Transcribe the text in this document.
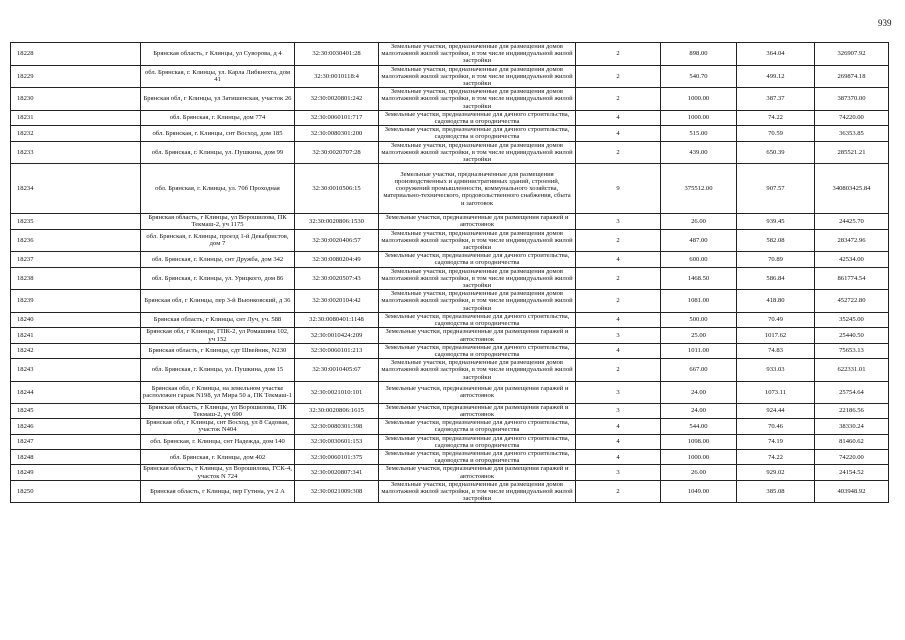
939
18228	Брянская область, г Клинцы, ул Суворова, д 4	32:30:0030401:28	Земельные участки, предназначенные для размещения домов малоэтажной жилой застройки, в том числе индивидуальной жилой застройки	2	898.00	364.04	326907.92
18229	обл. Брянская, г. Клинцы, ул. Карла Либкнехта, дом 41	32:30:0010118:4	Земельные участки, предназначенные для размещения домов малоэтажной жилой застройки, в том числе индивидуальной жилой застройки	2	540.70	499.12	269874.18
18230	Брянская обл, г Клинцы, ул Затишенская, участок 26	32:30:0020801:242	Земельные участки, предназначенные для размещения домов малоэтажной жилой застройки, в том числе индивидуальной жилой застройки	2	1000.00	387.37	387370.00
18231	обл. Брянская, г. Клинцы, дом 774	32:30:0060101:717	Земельные участки, предназначенные для дачного строительства, садоводства и огородничества	4	1000.00	74.22	74220.00
18232	обл. Брянская, г. Клинцы, снт Восход, дом 185	32:30:0080301:200	Земельные участки, предназначенные для дачного строительства, садоводства и огородничества	4	515.00	70.59	36353.85
18233	обл. Брянская, г. Клинцы, ул. Пушкина, дом 99	32:30:0020707:28	Земельные участки, предназначенные для размещения домов малоэтажной жилой застройки, в том числе индивидуальной жилой застройки	2	439.00	650.39	285521.21
18234	обл. Брянская, г. Клинцы, ул. 70б Проходная	32:30:0010506:15	Земельные участки, предназначенные для размещения производственных и административных зданий, строений, сооружений промышленности, коммунального хозяйства, материально-технического, продовольственного снабжения, сбыта и заготовок	9	375512.00	907.57	340803425.84
18235	Брянская область, г Клинцы, ул Ворошилова, ПК Текмаш-2, уч 1175	32:30:0020806:1530	Земельные участки, предназначенные для размещения гаражей и автостоянок	3	26.00	939.45	24425.70
18236	обл. Брянская, г. Клинцы, проезд 1-й Декабристов, дом 7	32:30:0020406:57	Земельные участки, предназначенные для размещения домов малоэтажной жилой застройки, в том числе индивидуальной жилой застройки	2	487.00	582.08	283472.96
18237	обл. Брянская, г. Клинцы, снт Дружба, дом 342	32:30:0080204:49	Земельные участки, предназначенные для дачного строительства, садоводства и огородничества	4	600.00	70.89	42534.00
18238	обл. Брянская, г. Клинцы, ул. Урицкого, дом 86	32:30:0020507:43	Земельные участки, предназначенные для размещения домов малоэтажной жилой застройки, в том числе индивидуальной жилой застройки	2	1468.50	586.84	861774.54
18239	Брянская обл, г Клинцы, пер 3-й Вьюнковский, д 36	32:30:0020104:42	Земельные участки, предназначенные для размещения домов малоэтажной жилой застройки, в том числе индивидуальной жилой застройки	2	1081.00	418.80	452722.80
18240	Брянская область, г Клинцы, снт Луч, уч. 588	32:30:0080401:1148	Земельные участки, предназначенные для дачного строительства, садоводства и огородничества	4	500.00	70.49	35245.00
18241	Брянская обл, г Клинцы, ГПК-2, ул Ромашина 102, уч 152	32:30:0010424:209	Земельные участки, предназначенные для размещения гаражей и автостоянок	3	25.00	1017.62	25440.50
18242	Брянская область, г Клинцы, сдт Швейник, N230	32:30:0060101:213	Земельные участки, предназначенные для дачного строительства, садоводства и огородничества	4	1011.00	74.83	75653.13
18243	обл. Брянская, г. Клинцы, ул. Пушкина, дом 15	32:30:0010405:67	Земельные участки, предназначенные для размещения домов малоэтажной жилой застройки, в том числе индивидуальной жилой застройки	2	667.00	933.03	622331.01
18244	Брянская обл, г Клинцы, на земельном участке расположен гараж N198, ул Мира 50 а, ПК Текмаш-1	32:30:0021010:101	Земельные участки, предназначенные для размещения гаражей и автостоянок	3	24.00	1073.11	25754.64
18245	Брянская область, г Клинцы, ул Ворошилова, ПК Текмаш-2, уч 690	32:30:0020806:1615	Земельные участки, предназначенные для размещения гаражей и автостоянок	3	24.00	924.44	22186.56
18246	Брянская обл, г Клинцы, снт Восход, ул 8 Садовая, участок N404	32:30:0080301:398	Земельные участки, предназначенные для дачного строительства, садоводства и огородничества	4	544.00	70.46	38330.24
18247	обл. Брянская, г. Клинцы, снт Надежда, дом 140	32:30:0030601:153	Земельные участки, предназначенные для дачного строительства, садоводства и огородничества	4	1098.00	74.19	81460.62
18248	обл. Брянская, г. Клинцы, дом 402	32:30:0060101:375	Земельные участки, предназначенные для дачного строительства, садоводства и огородничества	4	1000.00	74.22	74220.00
18249	Брянская область, г Клинцы, ул Ворошилова, ГСК-4, участок N 724	32:30:0020807:341	Земельные участки, предназначенные для размещения гаражей и автостоянок	3	26.00	929.02	24154.52
18250	Брянская область, г Клинцы, пер Гутина, уч 2 А	32:30:0021009:308	Земельные участки, предназначенные для размещения домов малоэтажной жилой застройки, в том числе индивидуальной жилой застройки	2	1049.00	385.08	403948.92
